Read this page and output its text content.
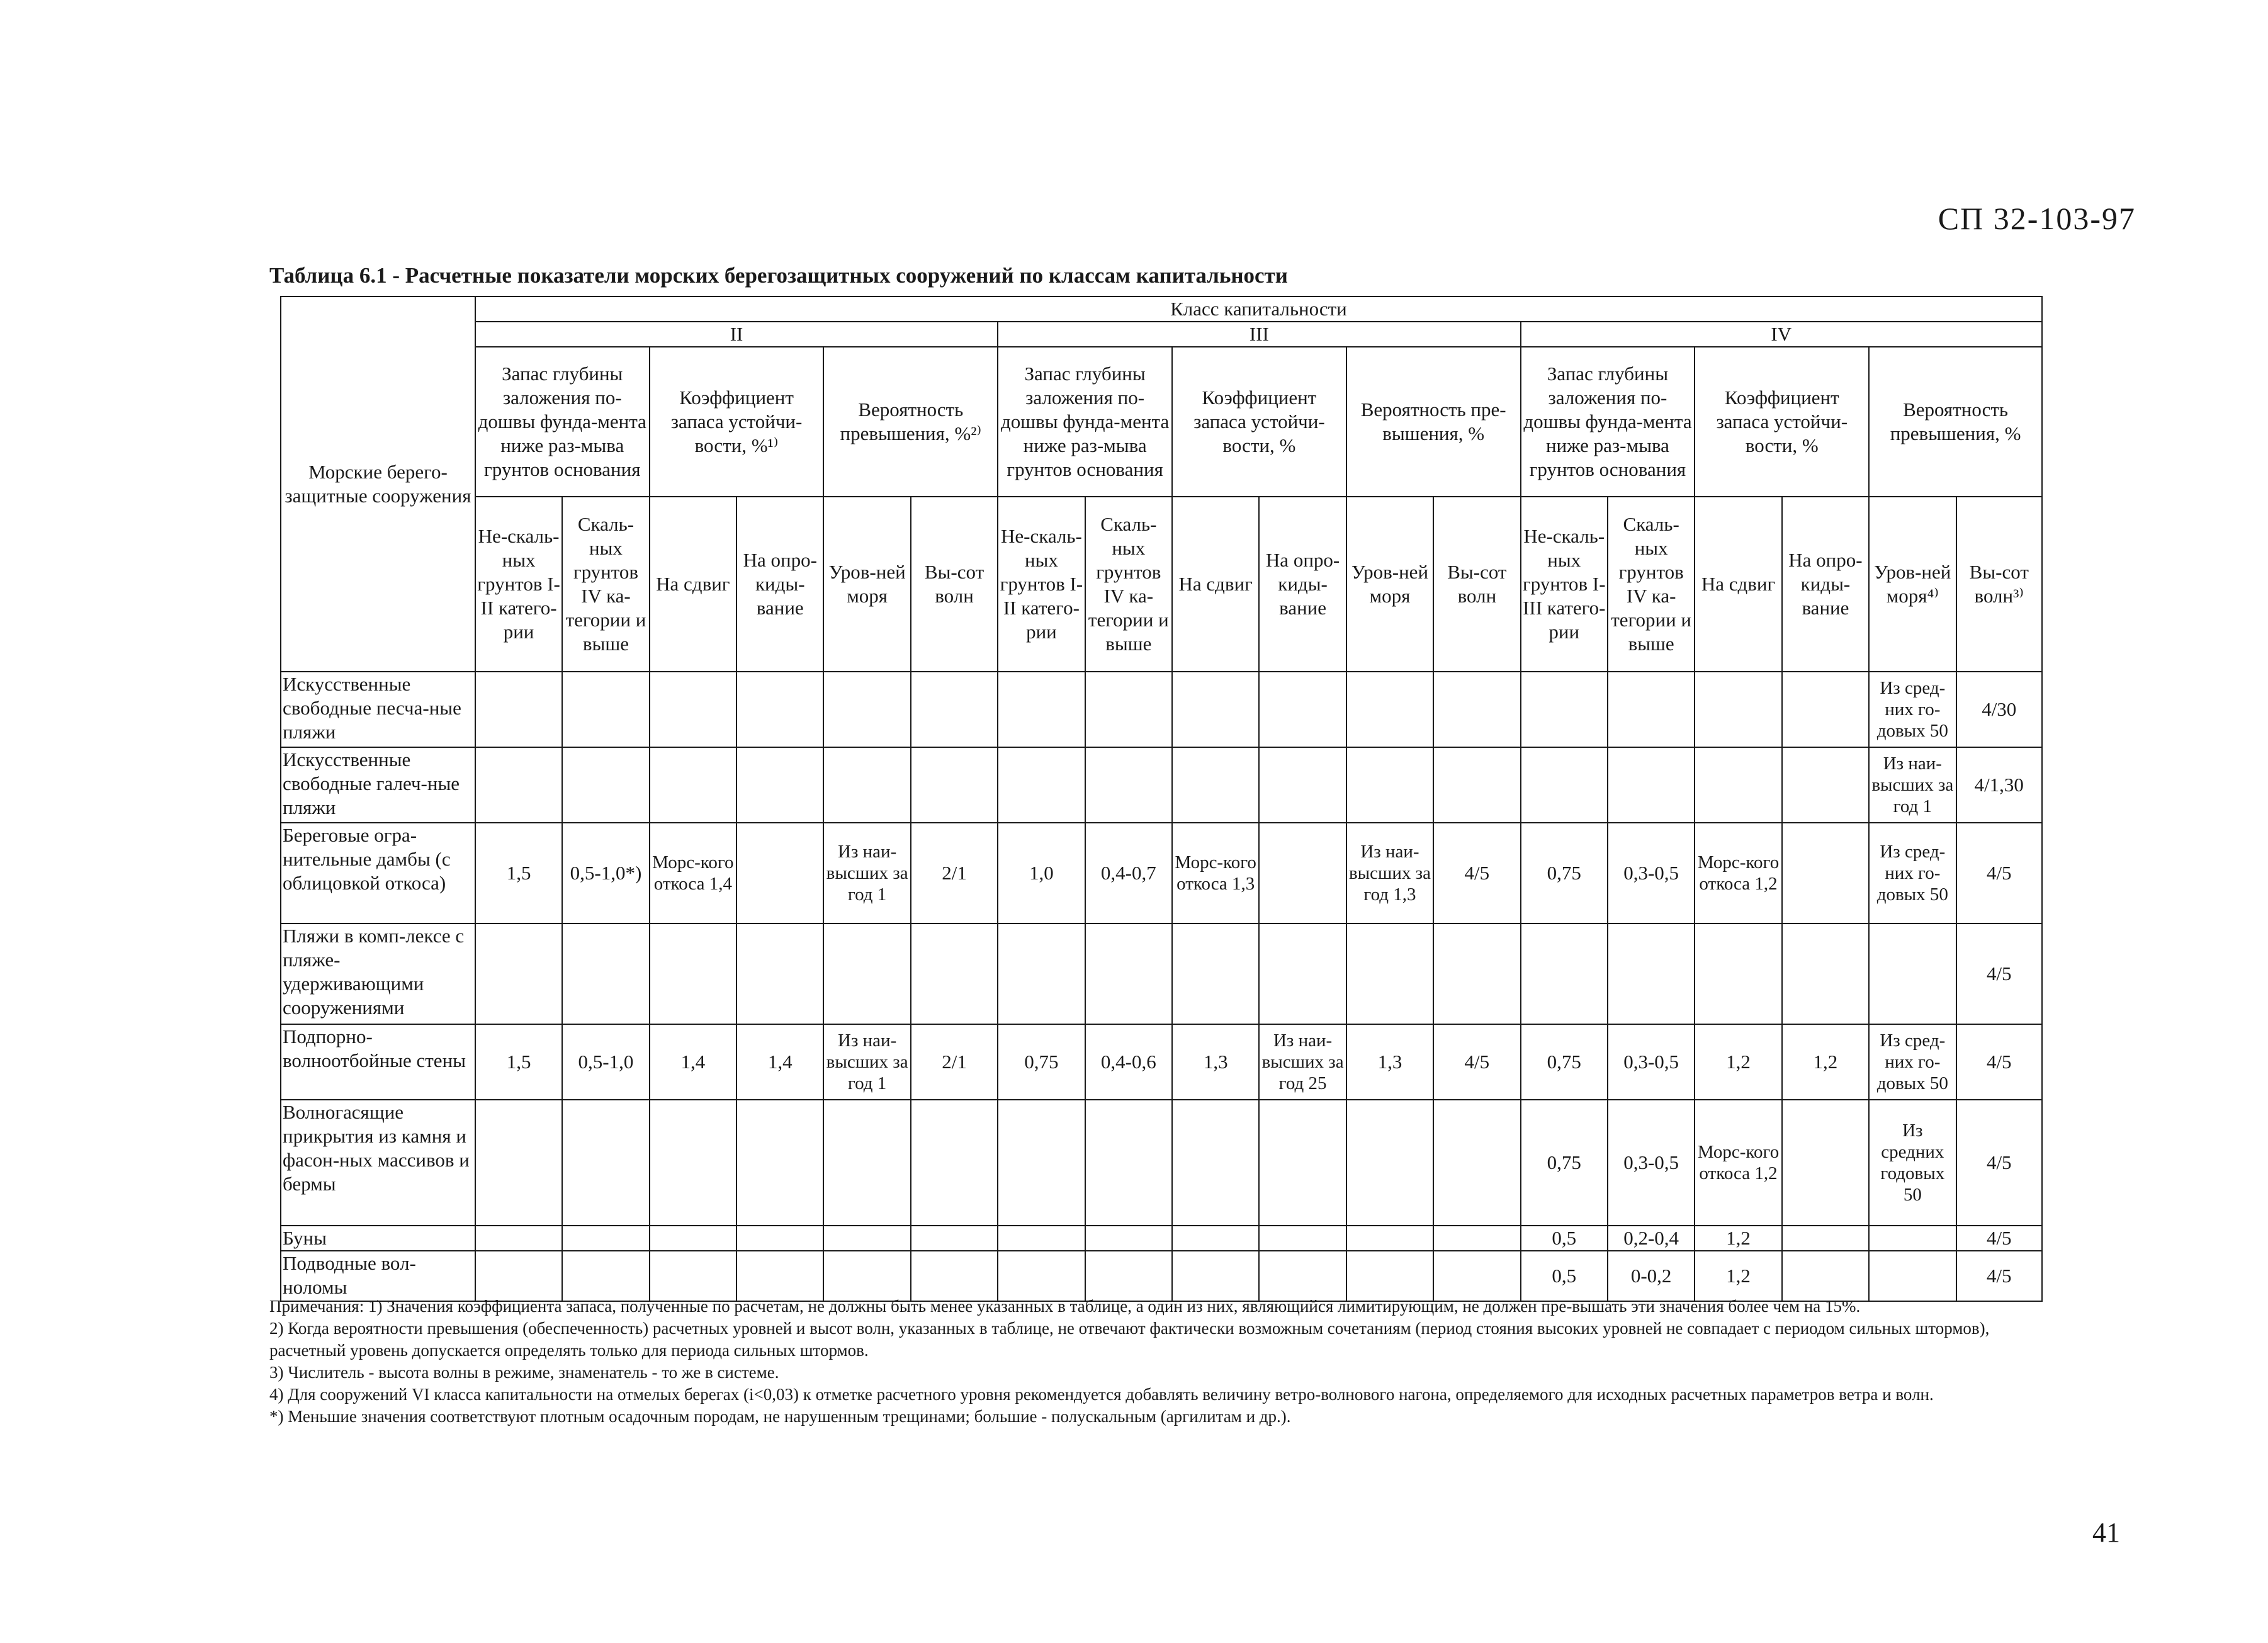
СП 32-103-97
Таблица 6.1 - Расчетные показатели морских берегозащитных сооружений по классам капитальности
Морские берего-защитные сооружения	Класс капитальности																	
	II						III						IV					
	Запас глубины заложения по-дошвы фунда-мента ниже раз-мыва грунтов основания		Коэффициент запаса устойчи-вости, %¹⁾		Вероятность превышения, %²⁾		Запас глубины заложения по-дошвы фунда-мента ниже раз-мыва грунтов основания		Коэффициент запаса устойчи-вости, %		Вероятность пре-вышения, %		Запас глубины заложения по-дошвы фунда-мента ниже раз-мыва грунтов основания		Коэффициент запаса устойчи-вости, %		Вероятность превышения, %	
	Не-скаль-ных грунтов I-II катего-рии	Скаль-ных грунтов IV ка-тегории и выше	На сдвиг	На опро-киды-вание	Уров-ней моря	Вы-сот волн	Не-скаль-ных грунтов I-II катего-рии	Скаль-ных грунтов IV ка-тегории и выше	На сдвиг	На опро-киды-вание	Уров-ней моря	Вы-сот волн	Не-скаль-ных грунтов I-III катего-рии	Скаль-ных грунтов IV ка-тегории и выше	На сдвиг	На опро-киды-вание	Уров-ней моря⁴⁾	Вы-сот волн³⁾
Искусственные свободные песча-ные пляжи																	Из сред-них го-довых 50	4/30
Искусственные свободные галеч-ные пляжи																	Из наи-высших за год 1	4/1,30
Береговые огра-нительные дамбы (с облицовкой откоса)	1,5	0,5-1,0*)	Морс-кого откоса 1,4		Из наи-высших за год 1	2/1	1,0	0,4-0,7	Морс-кого откоса 1,3		Из наи-высших за год 1,3	4/5	0,75	0,3-0,5	Морс-кого откоса 1,2		Из сред-них го-довых 50	4/5
Пляжи в комп-лексе с пляже-удерживающими сооружениями																		4/5
Подпорно-волноотбойные стены	1,5	0,5-1,0	1,4	1,4	Из наи-высших за год 1	2/1	0,75	0,4-0,6	1,3	Из наи-высших за год 25	1,3	4/5	0,75	0,3-0,5	1,2	1,2	Из сред-них го-довых 50	4/5
Волногасящие прикрытия из камня и фасон-ных массивов и бермы													0,75	0,3-0,5	Морс-кого откоса 1,2		Из средних годовых 50	4/5
Буны													0,5	0,2-0,4	1,2			4/5
Подводные вол-ноломы													0,5	0-0,2	1,2			4/5

Примечания: 1) Значения коэффициента запаса, полученные по расчетам, не должны быть менее указанных в таблице, а один из них, являющийся лимитирующим, не должен пре-вышать эти значения более чем на 15%.

2) Когда вероятности превышения (обеспеченность) расчетных уровней и высот волн, указанных в таблице, не отвечают фактически возможным сочетаниям (период стояния высоких уровней не совпадает с периодом сильных штормов), расчетный уровень допускается определять только для периода сильных штормов.

3) Числитель - высота волны в режиме, знаменатель - то же в системе.

4) Для сооружений VI класса капитальности на отмелых берегах (i<0,03) к отметке расчетного уровня рекомендуется добавлять величину ветро-волнового нагона, определяемого для исходных расчетных параметров ветра и волн.

*) Меньшие значения соответствуют плотным осадочным породам, не нарушенным трещинами; большие - полускальным (аргилитам и др.).

41
